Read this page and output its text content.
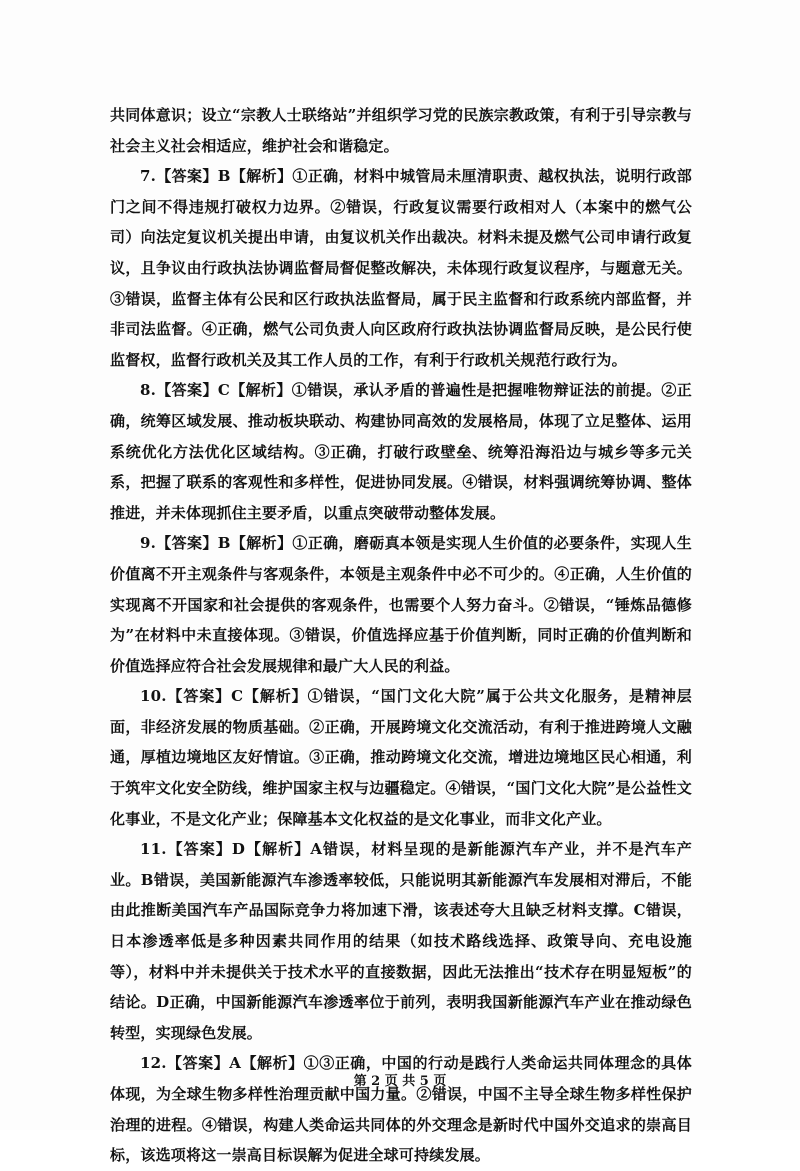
共同体意识；设立“宗教人士联络站”并组织学习党的民族宗教政策，有利于引导宗教与社会主义社会相适应，维护社会和谐稳定。

7.【答案】B【解析】①正确，材料中城管局未厘清职责、越权执法，说明行政部门之间不得违规打破权力边界。②错误，行政复议需要行政相对人（本案中的燃气公司）向法定复议机关提出申请，由复议机关作出裁决。材料未提及燃气公司申请行政复议，且争议由行政执法协调监督局督促整改解决，未体现行政复议程序，与题意无关。③错误，监督主体有公民和区行政执法监督局，属于民主监督和行政系统内部监督，并非司法监督。④正确，燃气公司负责人向区政府行政执法协调监督局反映，是公民行使监督权，监督行政机关及其工作人员的工作，有利于行政机关规范行政行为。

8.【答案】C【解析】①错误，承认矛盾的普遍性是把握唯物辩证法的前提。②正确，统筹区域发展、推动板块联动、构建协同高效的发展格局，体现了立足整体、运用系统优化方法优化区域结构。③正确，打破行政壁垒、统筹沿海沿边与城乡等多元关系，把握了联系的客观性和多样性，促进协同发展。④错误，材料强调统筹协调、整体推进，并未体现抓住主要矛盾，以重点突破带动整体发展。

9.【答案】B【解析】①正确，磨砺真本领是实现人生价值的必要条件，实现人生价值离不开主观条件与客观条件，本领是主观条件中必不可少的。④正确，人生价值的实现离不开国家和社会提供的客观条件，也需要个人努力奋斗。②错误，“锤炼品德修为”在材料中未直接体现。③错误，价值选择应基于价值判断，同时正确的价值判断和价值选择应符合社会发展规律和最广大人民的利益。

10.【答案】C【解析】①错误，“国门文化大院”属于公共文化服务，是精神层面，非经济发展的物质基础。②正确，开展跨境文化交流活动，有利于推进跨境人文融通，厚植边境地区友好情谊。③正确，推动跨境文化交流，增进边境地区民心相通，利于筑牢文化安全防线，维护国家主权与边疆稳定。④错误，“国门文化大院”是公益性文化事业，不是文化产业；保障基本文化权益的是文化事业，而非文化产业。

11.【答案】D【解析】A错误，材料呈现的是新能源汽车产业，并不是汽车产业。B错误，美国新能源汽车渗透率较低，只能说明其新能源汽车发展相对滞后，不能由此推断美国汽车产品国际竞争力将加速下滑，该表述夸大且缺乏材料支撑。C错误，日本渗透率低是多种因素共同作用的结果（如技术路线选择、政策导向、充电设施等），材料中并未提供关于技术水平的直接数据，因此无法推出“技术存在明显短板”的结论。D正确，中国新能源汽车渗透率位于前列，表明我国新能源汽车产业在推动绿色转型，实现绿色发展。

12.【答案】A【解析】①③正确，中国的行动是践行人类命运共同体理念的具体体现，为全球生物多样性治理贡献中国力量。②错误，中国不主导全球生物多样性保护治理的进程。④错误，构建人类命运共同体的外交理念是新时代中国外交追求的崇高目标，该选项将这一崇高目标误解为促进全球可持续发展。

第 2 页 共 5 页
